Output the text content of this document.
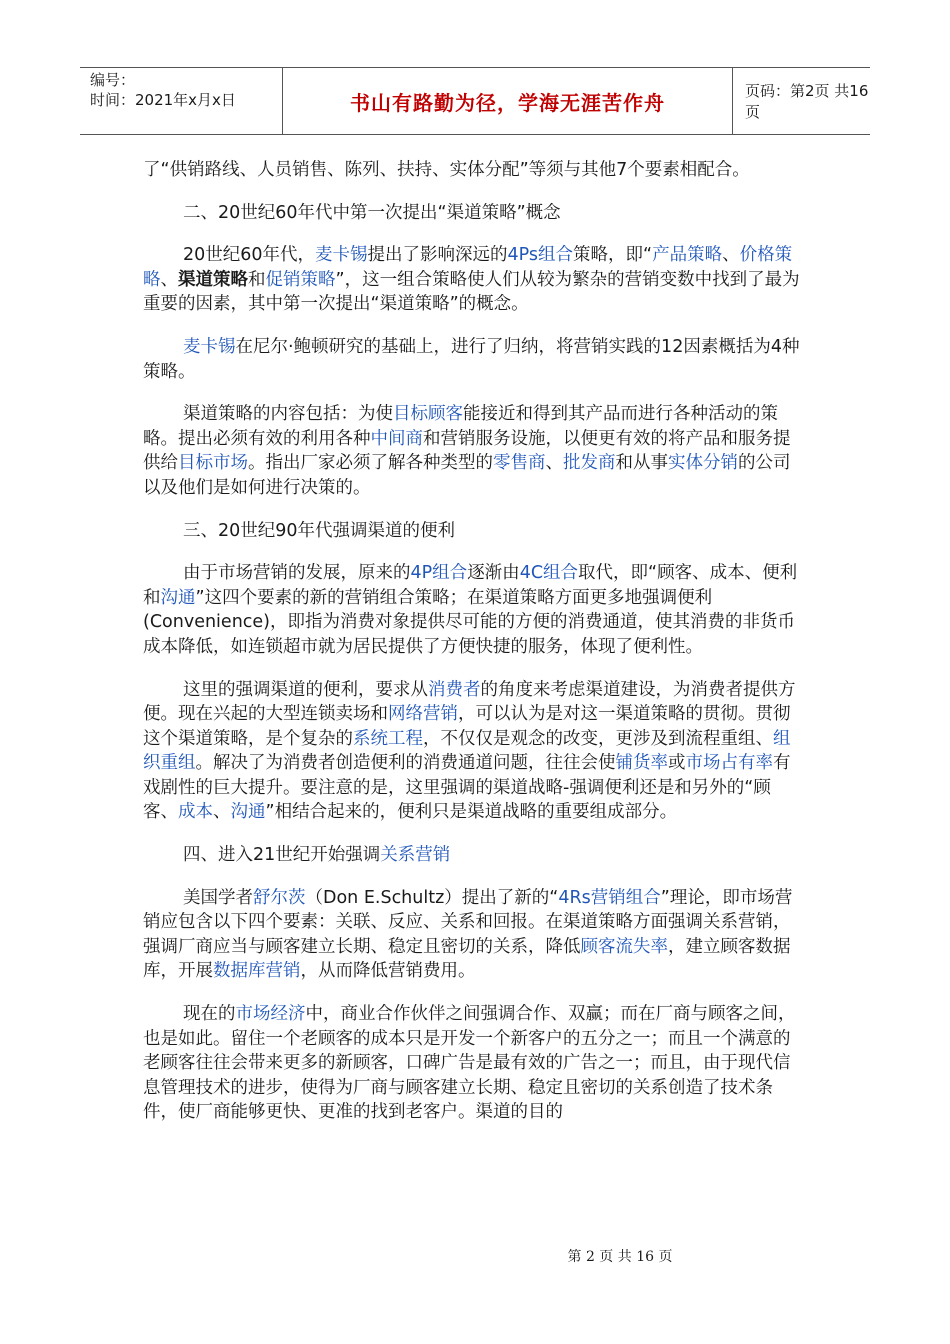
编号：
时间：2021年x月x日	书山有路勤为径，学海无涯苦作舟	页码：第2页 共16页

了“供销路线、人员销售、陈列、扶持、实体分配”等须与其他7个要素相配合。

二、20世纪60年代中第一次提出“渠道策略”概念

20世纪60年代，麦卡锡提出了影响深远的4Ps组合策略，即“产品策略、价格策略、渠道策略和促销策略”，这一组合策略使人们从较为繁杂的营销变数中找到了最为重要的因素，其中第一次提出“渠道策略”的概念。

麦卡锡在尼尔·鲍顿研究的基础上，进行了归纳，将营销实践的12因素概括为4种策略。

渠道策略的内容包括：为使目标顾客能接近和得到其产品而进行各种活动的策略。提出必须有效的利用各种中间商和营销服务设施，以便更有效的将产品和服务提供给目标市场。指出厂家必须了解各种类型的零售商、批发商和从事实体分销的公司以及他们是如何进行决策的。

三、20世纪90年代强调渠道的便利

由于市场营销的发展，原来的4P组合逐渐由4C组合取代，即“顾客、成本、便利和沟通”这四个要素的新的营销组合策略；在渠道策略方面更多地强调便利(Convenience)，即指为消费对象提供尽可能的方便的消费通道，使其消费的非货币成本降低，如连锁超市就为居民提供了方便快捷的服务，体现了便利性。

这里的强调渠道的便利，要求从消费者的角度来考虑渠道建设，为消费者提供方便。现在兴起的大型连锁卖场和网络营销，可以认为是对这一渠道策略的贯彻。贯彻这个渠道策略，是个复杂的系统工程，不仅仅是观念的改变，更涉及到流程重组、组织重组。解决了为消费者创造便利的消费通道问题，往往会使铺货率或市场占有率有戏剧性的巨大提升。要注意的是，这里强调的渠道战略-强调便利还是和另外的“顾客、成本、沟通”相结合起来的，便利只是渠道战略的重要组成部分。

四、进入21世纪开始强调关系营销

美国学者舒尔茨（Don E.Schultz）提出了新的“4Rs营销组合”理论，即市场营销应包含以下四个要素：关联、反应、关系和回报。在渠道策略方面强调关系营销，强调厂商应当与顾客建立长期、稳定且密切的关系，降低顾客流失率，建立顾客数据库，开展数据库营销，从而降低营销费用。

现在的市场经济中，商业合作伙伴之间强调合作、双赢；而在厂商与顾客之间，也是如此。留住一个老顾客的成本只是开发一个新客户的五分之一；而且一个满意的老顾客往往会带来更多的新顾客，口碑广告是最有效的广告之一；而且，由于现代信息管理技术的进步，使得为厂商与顾客建立长期、稳定且密切的关系创造了技术条件，使厂商能够更快、更准的找到老客户。渠道的目的

第 2 页 共 16 页
